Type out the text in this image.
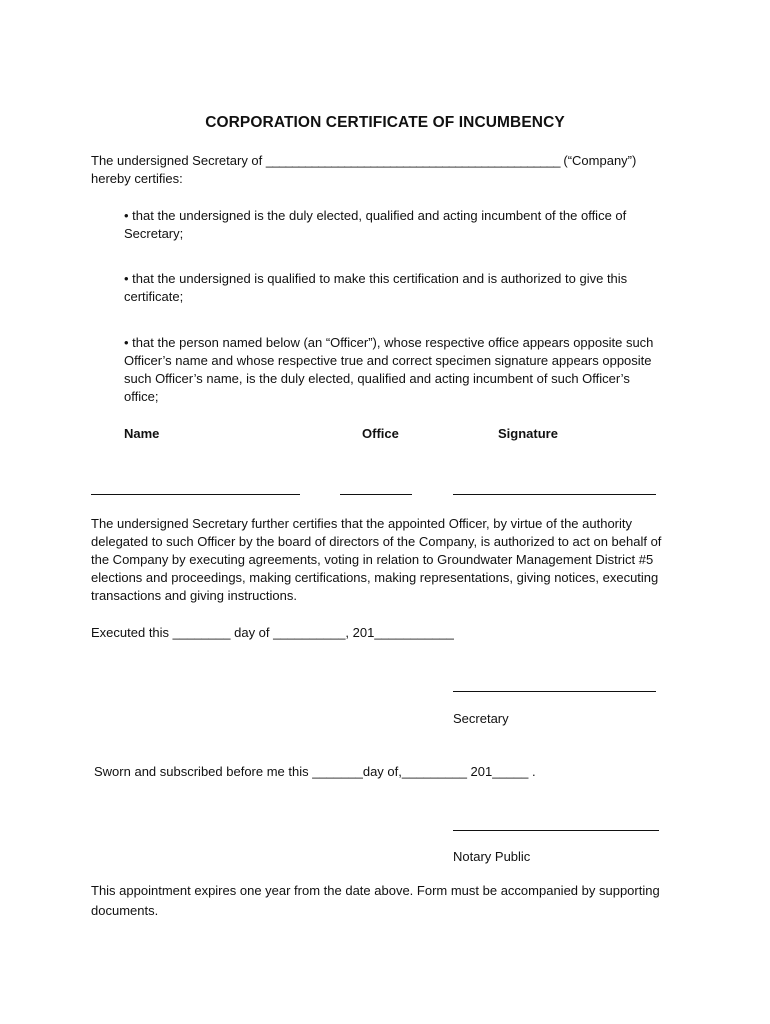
CORPORATION CERTIFICATE OF INCUMBENCY
The undersigned Secretary of _____________________________________________ (“Company”)
hereby certifies:
• that the undersigned is the duly elected, qualified and acting incumbent of the office of
Secretary;
• that the undersigned is qualified to make this certification and is authorized to give this
certificate;
• that the person named below (an “Officer”), whose respective office appears opposite such
Officer’s name and whose respective true and correct specimen signature appears opposite
such Officer’s name, is the duly elected, qualified and acting incumbent of such Officer’s
office;
Name	Office	Signature
The undersigned Secretary further certifies that the appointed Officer, by virtue of the authority
delegated to such Officer by the board of directors of the Company, is authorized to act on behalf of
the Company by executing agreements, voting in relation to Groundwater Management District #5
elections and proceedings, making certifications, making representations, giving notices, executing
transactions and giving instructions.
Executed this ________ day of __________, 201___________
Secretary
Sworn and subscribed before me this _______day of,_________ 201_____ .
Notary Public
This appointment expires one year from the date above. Form must be accompanied by supporting
documents.
